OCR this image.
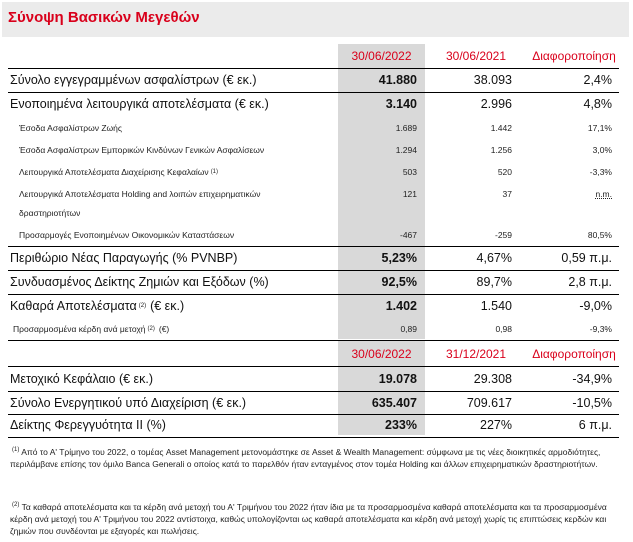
Σύνοψη Βασικών Μεγεθών
30/06/2022	30/06/2021	Διαφοροποίηση
Σύνολο εγγεγραμμένων ασφαλίστρων (€ εκ.)	41.880	38.093	2,4%
Ενοποιημένα λειτουργικά αποτελέσματα (€ εκ.)	3.140	2.996	4,8%
Έσοδα Ασφαλίστρων Ζωής	1.689	1.442	17,1%
Έσοδα Ασφαλίστρων Εμπορικών Κινδύνων Γενικών Ασφαλίσεων	1.294	1.256	3,0%
Λειτουργικά Αποτελέσματα Διαχείρισης Κεφαλαίων (1)	503	520	-3,3%
Λειτουργικά Αποτελέσματα Holding and λοιπών επιχειρηματικών	121	37	n.m.
δραστηριοτήτων
Προσαρμογές Ενοποιημένων Οικονομικών Καταστάσεων	-467	-259	80,5%
Περιθώριο Νέας Παραγωγής (% PVNBP)	5,23%	4,67%	0,59 π.μ.
Συνδυασμένος Δείκτης Ζημιών και Εξόδων (%)	92,5%	89,7%	2,8 π.μ.
Καθαρά Αποτελέσματα (2) (€ εκ.)	1.402	1.540	-9,0%
Προσαρμοσμένα κέρδη ανά μετοχή (2) (€)	0,89	0,98	-9,3%
30/06/2022	31/12/2021	Διαφοροποίηση
Μετοχικό Κεφάλαιο (€ εκ.)	19.078	29.308	-34,9%
Σύνολο Ενεργητικού υπό Διαχείριση (€ εκ.)	635.407	709.617	-10,5%
Δείκτης Φερεγγυότητα II (%)	233%	227%	6 π.μ.
$^{(1)}$ Από το Α' Τρίμηνο του 2022, ο τομέας Asset Management μετονομάστηκε σε Asset & Wealth Management: σύμφωνα με τις νέες διοικητικές αρμοδιότητες, περιλάμβανε επίσης τον όμιλο Banca Generali ο οποίος κατά το παρελθόν ήταν ενταγμένος στον τομέα Holding και άλλων επιχειρηματικών δραστηριοτήτων.
$^{(2)}$ Τα καθαρά αποτελέσματα και τα κέρδη ανά μετοχή του Α' Τριμήνου του 2022 ήταν ίδια με τα προσαρμοσμένα καθαρά αποτελέσματα και τα προσαρμοσμένα κέρδη ανά μετοχή του Α' Τριμήνου του 2022 αντίστοιχα, καθώς υπολογίζονται ως καθαρά αποτελέσματα και κέρδη ανά μετοχή χωρίς τις επιπτώσεις κερδών και ζημιών που συνδέονται με εξαγορές και πωλήσεις.
